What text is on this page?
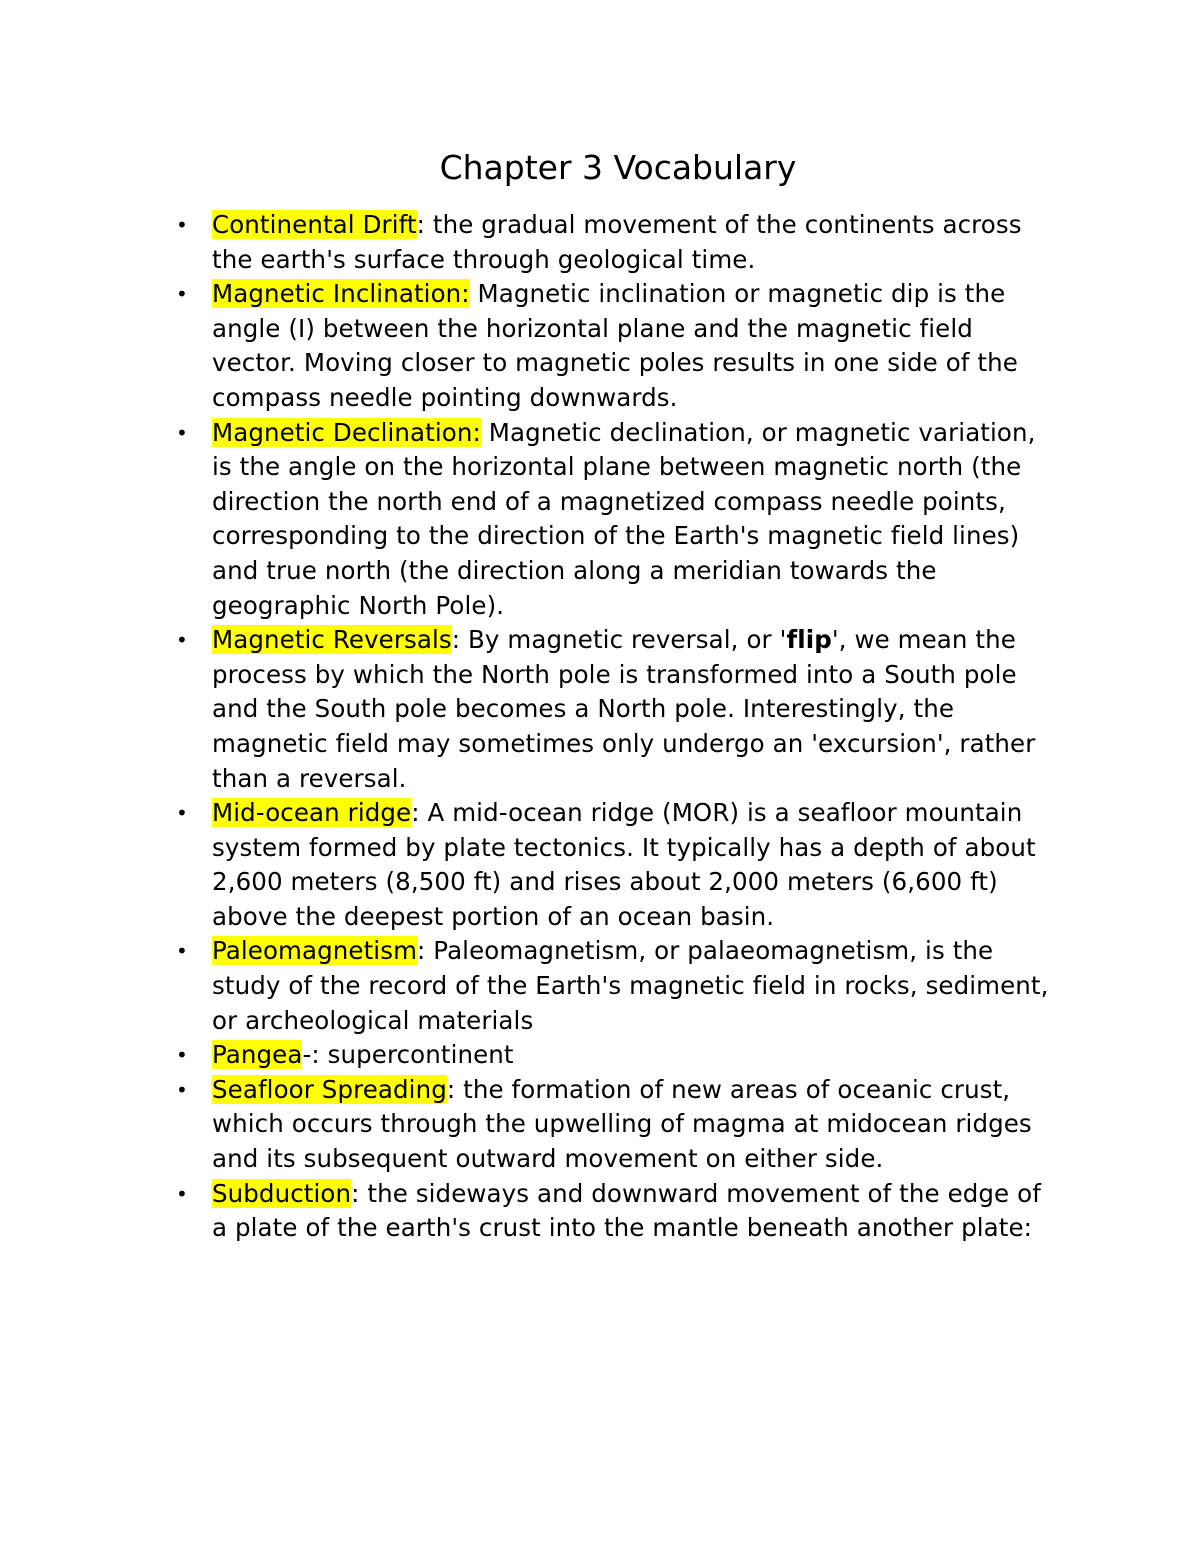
Chapter 3 Vocabulary
• Continental Drift: the gradual movement of the continents across the earth's surface through geological time.
• Magnetic Inclination: Magnetic inclination or magnetic dip is the angle (I) between the horizontal plane and the magnetic field vector. Moving closer to magnetic poles results in one side of the compass needle pointing downwards.
• Magnetic Declination: Magnetic declination, or magnetic variation, is the angle on the horizontal plane between magnetic north (the direction the north end of a magnetized compass needle points, corresponding to the direction of the Earth's magnetic field lines) and true north (the direction along a meridian towards the geographic North Pole).
• Magnetic Reversals: By magnetic reversal, or 'flip', we mean the process by which the North pole is transformed into a South pole and the South pole becomes a North pole. Interestingly, the magnetic field may sometimes only undergo an 'excursion', rather than a reversal.
• Mid-ocean ridge: A mid-ocean ridge (MOR) is a seafloor mountain system formed by plate tectonics. It typically has a depth of about 2,600 meters (8,500 ft) and rises about 2,000 meters (6,600 ft) above the deepest portion of an ocean basin.
• Paleomagnetism: Paleomagnetism, or palaeomagnetism, is the study of the record of the Earth's magnetic field in rocks, sediment, or archeological materials
• Pangea-: supercontinent
• Seafloor Spreading: the formation of new areas of oceanic crust, which occurs through the upwelling of magma at midocean ridges and its subsequent outward movement on either side.
• Subduction: the sideways and downward movement of the edge of a plate of the earth's crust into the mantle beneath another plate:
